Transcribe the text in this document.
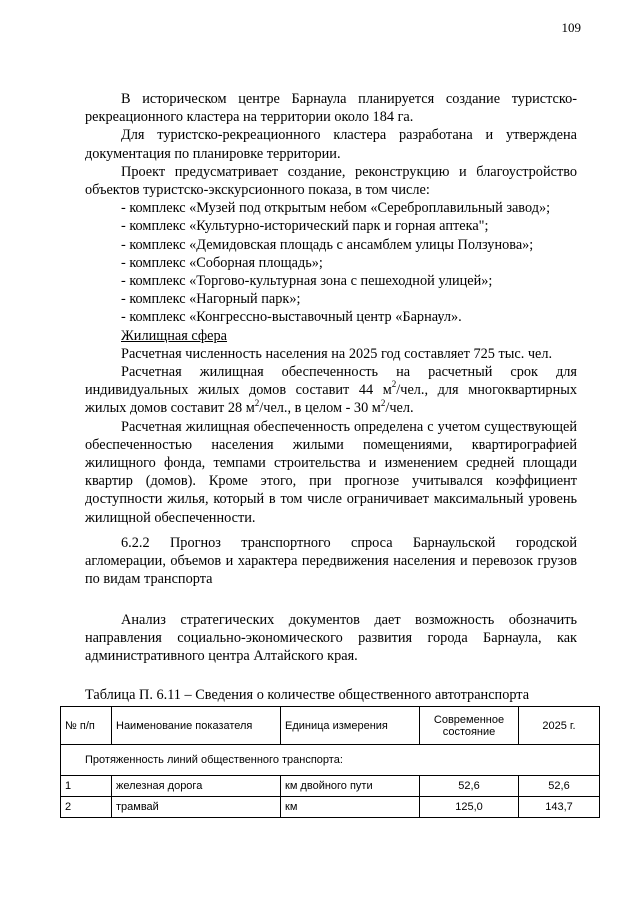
109

В историческом центре Барнаула планируется создание туристско-рекреационного кластера на территории около 184 га.

Для туристско-рекреационного кластера разработана и утверждена документация по планировке территории.

Проект предусматривает создание, реконструкцию и благоустройство объектов туристско-экскурсионного показа, в том числе:

- комплекс «Музей под открытым небом «Сереброплавильный завод»;

- комплекс «Культурно-исторический парк и горная аптека";

- комплекс «Демидовская площадь с ансамблем улицы Ползунова»;

- комплекс «Соборная площадь»;

- комплекс «Торгово-культурная зона с пешеходной улицей»;

- комплекс «Нагорный парк»;

- комплекс «Конгрессно-выставочный центр «Барнаул».

Жилищная сфера

Расчетная численность населения на 2025 год составляет 725 тыс. чел.

Расчетная жилищная обеспеченность на расчетный срок для индивидуальных жилых домов составит 44 $м^2$/чел., для многоквартирных жилых домов составит 28 $м^2$/чел., в целом - 30 $м^2$/чел.

Расчетная жилищная обеспеченность определена с учетом существующей обеспеченностью населения жилыми помещениями, квартирографией жилищного фонда, темпами строительства и изменением средней площади квартир (домов). Кроме этого, при прогнозе учитывался коэффициент доступности жилья, который в том числе ограничивает максимальный уровень жилищной обеспеченности.

6.2.2 Прогноз транспортного спроса Барнаульской городской агломерации, объемов и характера передвижения населения и перевозок грузов по видам транспорта

Анализ стратегических документов дает возможность обозначить направления социально-экономического развития города Барнаула, как административного центра Алтайского края.

Таблица П. 6.11 – Сведения о количестве общественного автотранспорта

№ п/п	Наименование показателя	Единица измерения	Современное состояние	2025 г.
Протяженность линий общественного транспорта:				
1	железная дорога	км двойного пути	52,6	52,6
2	трамвай	км	125,0	143,7
